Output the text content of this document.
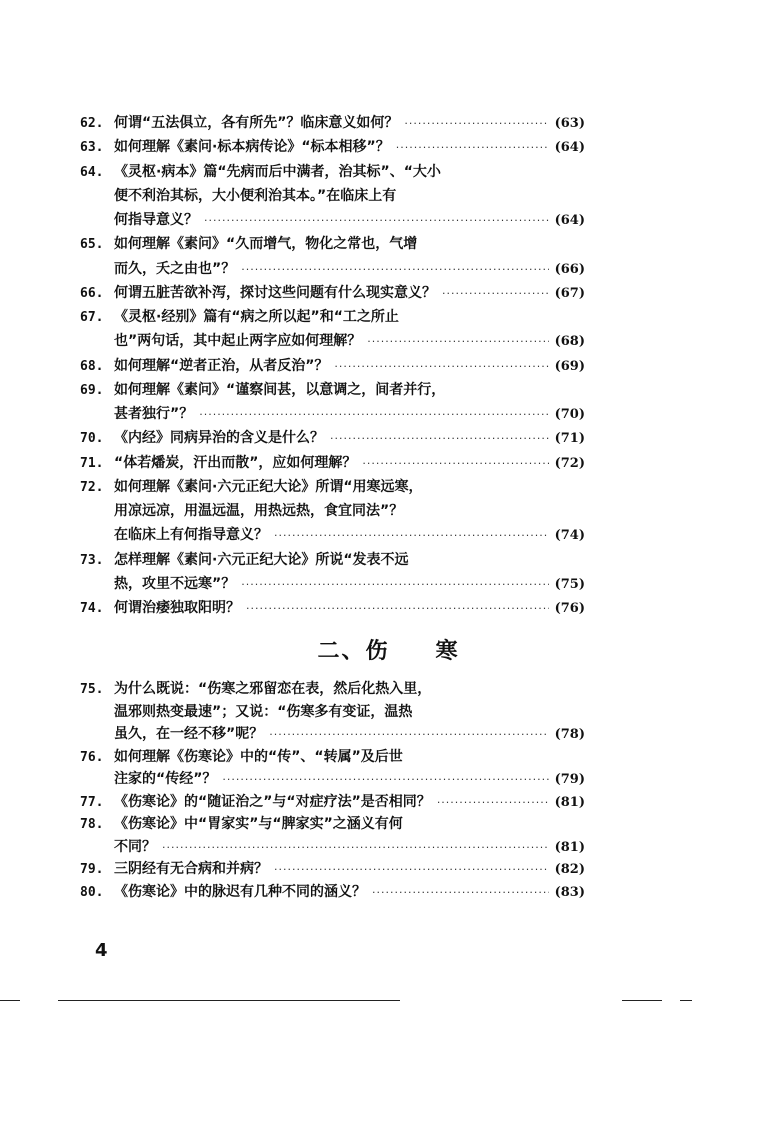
62. 何谓“五法俱立，各有所先”？临床意义如何？ ·····	(63)
63. 如何理解《素问·标本病传论》“标本相移”？ ·····	(64)
64. 《灵枢·病本》篇“先病而后中满者，治其标”、“大小
便不利治其标，大小便利治其本。”在临床上有
何指导意义？ ·····	(64)
65. 如何理解《素问》“久而增气，物化之常也，气增
而久，夭之由也”？ ·····	(66)
66. 何谓五脏苦欲补泻，探讨这些问题有什么现实意义？ ·····	(67)
67. 《灵枢·经别》篇有“病之所以起”和“工之所止
也”两句话，其中起止两字应如何理解？ ·····	(68)
68. 如何理解“逆者正治，从者反治”？ ·····	(69)
69. 如何理解《素问》“谨察间甚，以意调之，间者并行，
甚者独行”？ ·····	(70)
70. 《内经》同病异治的含义是什么？ ·····	(71)
71. “体若燔炭，汗出而散”，应如何理解？ ·····	(72)
72. 如何理解《素问·六元正纪大论》所谓“用寒远寒，
用凉远凉，用温远温，用热远热，食宜同法”？
在临床上有何指导意义？ ·····	(74)
73. 怎样理解《素问·六元正纪大论》所说“发表不远
热，攻里不远寒”？ ·····	(75)
74. 何谓治痿独取阳明？ ·····	(76)
二、伤 寒
75. 为什么既说：“伤寒之邪留恋在表，然后化热入里，
温邪则热变最速”；又说：“伤寒多有变证，温热
虽久，在一经不移”呢？ ·····	(78)
76. 如何理解《伤寒论》中的“传”、“转属”及后世
注家的“传经”？ ·····	(79)
77. 《伤寒论》的“随证治之”与“对症疗法”是否相同？ ·····	(81)
78. 《伤寒论》中“胃家实”与“脾家实”之涵义有何
不同？ ·····	(81)
79. 三阴经有无合病和并病？ ·····	(82)
80. 《伤寒论》中的脉迟有几种不同的涵义？ ·····	(83)
4
